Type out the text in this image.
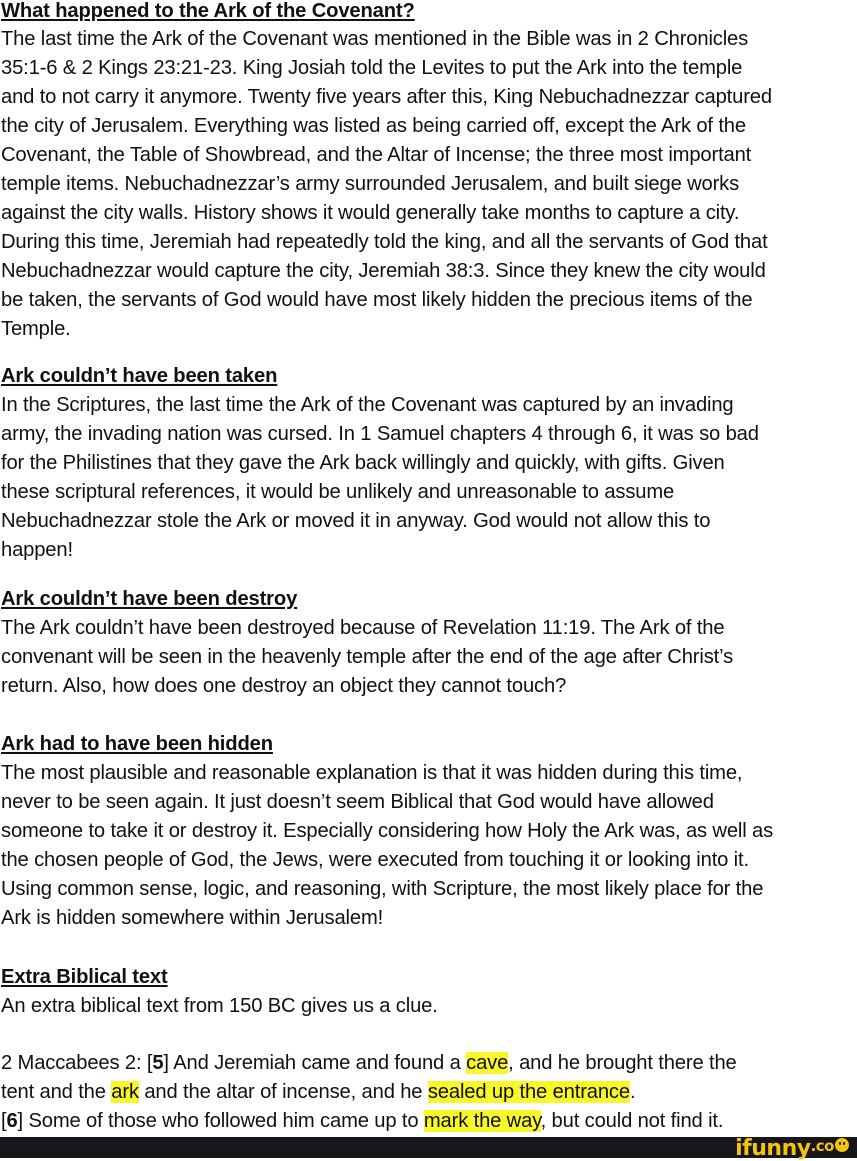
What happened to the Ark of the Covenant?
The last time the Ark of the Covenant was mentioned in the Bible was in 2 Chronicles
35:1-6 & 2 Kings 23:21-23. King Josiah told the Levites to put the Ark into the temple
and to not carry it anymore. Twenty five years after this, King Nebuchadnezzar captured
the city of Jerusalem. Everything was listed as being carried off, except the Ark of the
Covenant, the Table of Showbread, and the Altar of Incense; the three most important
temple items. Nebuchadnezzar’s army surrounded Jerusalem, and built siege works
against the city walls. History shows it would generally take months to capture a city.
During this time, Jeremiah had repeatedly told the king, and all the servants of God that
Nebuchadnezzar would capture the city, Jeremiah 38:3. Since they knew the city would
be taken, the servants of God would have most likely hidden the precious items of the
Temple.
Ark couldn’t have been taken
In the Scriptures, the last time the Ark of the Covenant was captured by an invading
army, the invading nation was cursed. In 1 Samuel chapters 4 through 6, it was so bad
for the Philistines that they gave the Ark back willingly and quickly, with gifts. Given
these scriptural references, it would be unlikely and unreasonable to assume
Nebuchadnezzar stole the Ark or moved it in anyway. God would not allow this to
happen!
Ark couldn’t have been destroy
The Ark couldn’t have been destroyed because of Revelation 11:19. The Ark of the
convenant will be seen in the heavenly temple after the end of the age after Christ’s
return. Also, how does one destroy an object they cannot touch?
Ark had to have been hidden
The most plausible and reasonable explanation is that it was hidden during this time,
never to be seen again. It just doesn’t seem Biblical that God would have allowed
someone to take it or destroy it. Especially considering how Holy the Ark was, as well as
the chosen people of God, the Jews, were executed from touching it or looking into it.
Using common sense, logic, and reasoning, with Scripture, the most likely place for the
Ark is hidden somewhere within Jerusalem!
Extra Biblical text
An extra biblical text from 150 BC gives us a clue.
2 Maccabees 2: [5] And Jeremiah came and found a cave, and he brought there the
tent and the ark and the altar of incense, and he sealed up the entrance.
[6] Some of those who followed him came up to mark the way, but could not find it.
ifunny.co
